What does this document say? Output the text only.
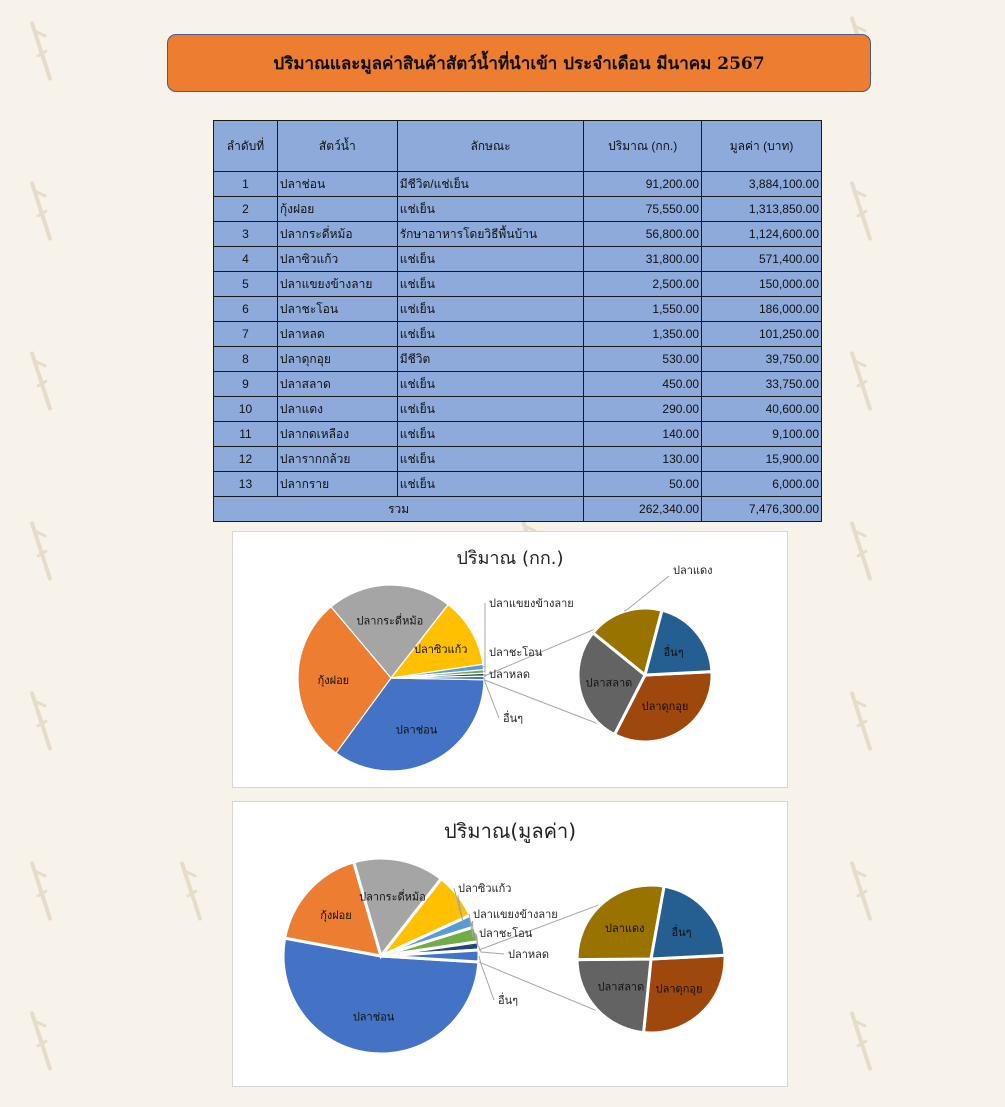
ปริมาณและมูลค่าสินค้าสัตว์น้ำที่นำเข้า ประจำเดือน มีนาคม 2567
ลำดับที่	สัตว์น้ำ	ลักษณะ	ปริมาณ (กก.)	มูลค่า (บาท)
1	ปลาช่อน	มีชีวิต/แช่เย็น	91,200.00	3,884,100.00
2	กุ้งฝอย	แช่เย็น	75,550.00	1,313,850.00
3	ปลากระดี่หม้อ	รักษาอาหารโดยวิธีพื้นบ้าน	56,800.00	1,124,600.00
4	ปลาซิวแก้ว	แช่เย็น	31,800.00	571,400.00
5	ปลาแขยงข้างลาย	แช่เย็น	2,500.00	150,000.00
6	ปลาชะโอน	แช่เย็น	1,550.00	186,000.00
7	ปลาหลด	แช่เย็น	1,350.00	101,250.00
8	ปลาดุกอุย	มีชีวิต	530.00	39,750.00
9	ปลาสลาด	แช่เย็น	450.00	33,750.00
10	ปลาแดง	แช่เย็น	290.00	40,600.00
11	ปลากดเหลือง	แช่เย็น	140.00	9,100.00
12	ปลารากกล้วย	แช่เย็น	130.00	15,900.00
13	ปลากราย	แช่เย็น	50.00	6,000.00
รวม			262,340.00	7,476,300.00
ปริมาณ (กก.)
ปลาช่อน
กุ้งฝอย
ปลากระดี่หม้อ
ปลาซิวแก้ว
ปลาแขยงข้างลาย
ปลาชะโอน
ปลาหลด
อื่นๆ
ปลาดุกอุย
ปลาสลาด
ปลาแดง
อื่นๆ
ปริมาณ(มูลค่า)
ปลาช่อน
กุ้งฝอย
ปลากระดี่หม้อ
ปลาซิวแก้ว
ปลาแขยงข้างลาย
ปลาชะโอน
ปลาหลด
อื่นๆ
ปลาดุกอุย
ปลาสลาด
ปลาแดง อื่นๆ
